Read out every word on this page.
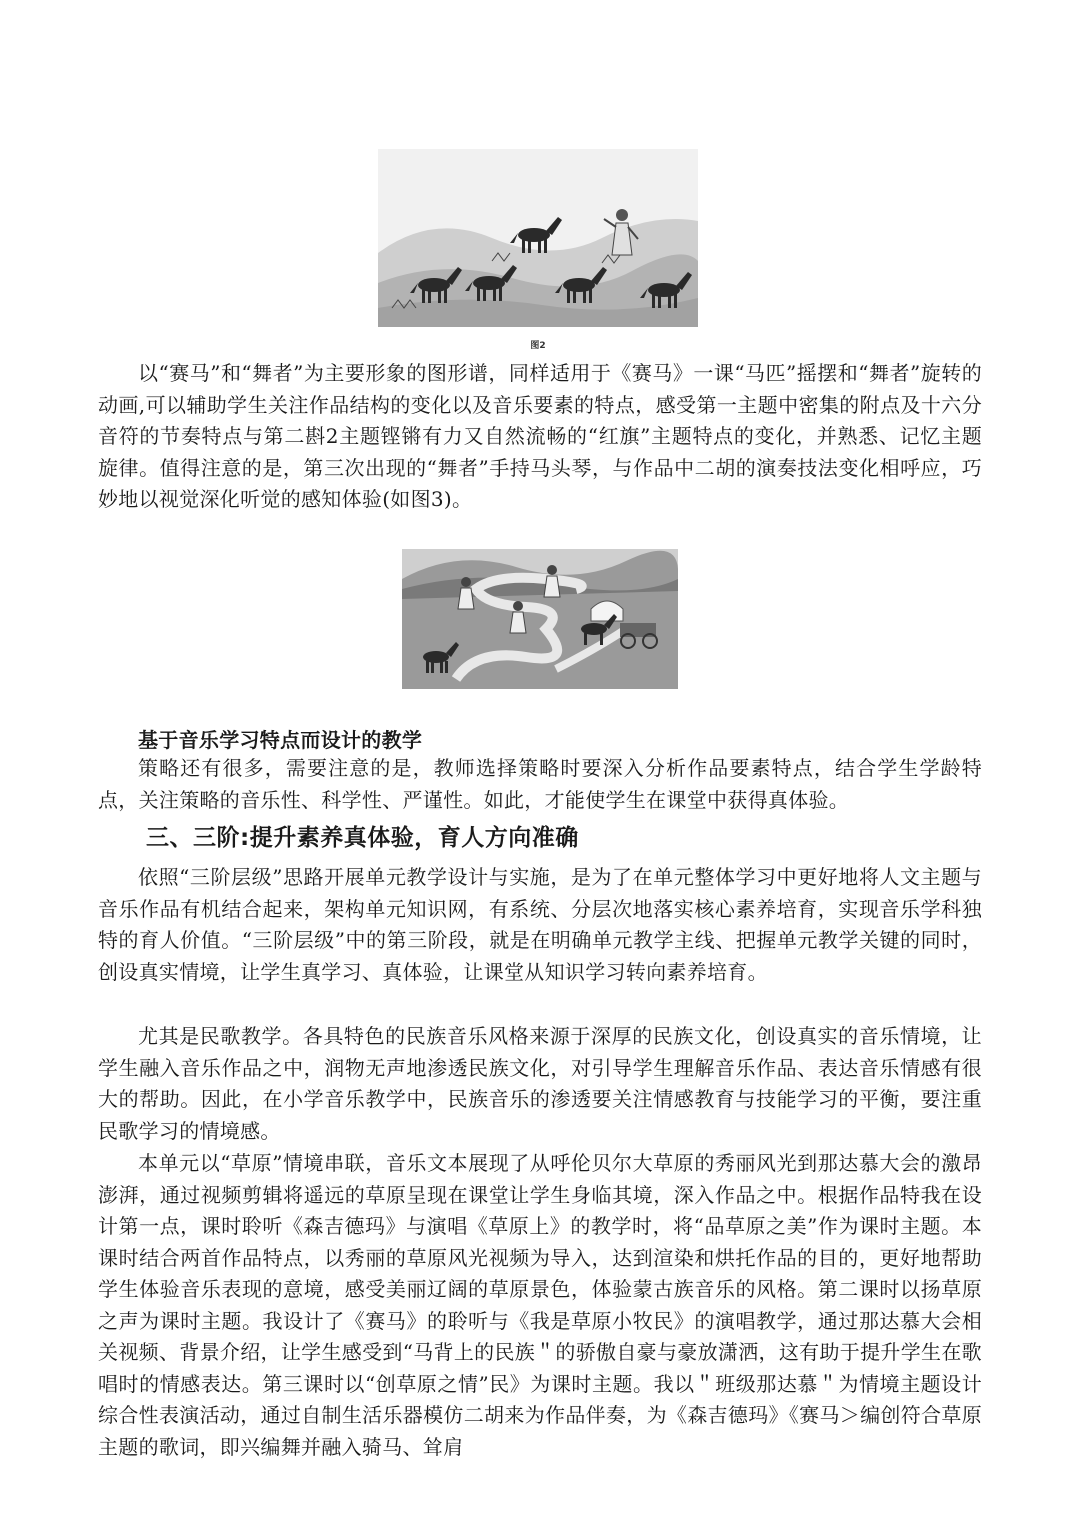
图2

以“赛马”和“舞者”为主要形象的图形谱，同样适用于《赛马》一课“马匹”摇摆和“舞者”旋转的动画,可以辅助学生关注作品结构的变化以及音乐要素的特点，感受第一主题中密集的附点及十六分音符的节奏特点与第二斟2主题铿锵有力又自然流畅的“红旗”主题特点的变化，并熟悉、记忆主题旋律。值得注意的是，第三次出现的“舞者”手持马头琴，与作品中二胡的演奏技法变化相呼应，巧妙地以视觉深化听觉的感知体验(如图3)。

基于音乐学习特点而设计的教学

策略还有很多，需要注意的是，教师选择策略时要深入分析作品要素特点，结合学生学龄特点，关注策略的音乐性、科学性、严谨性。如此，才能使学生在课堂中获得真体验。

三、三阶:提升素养真体验，育人方向准确

依照“三阶层级”思路开展单元教学设计与实施，是为了在单元整体学习中更好地将人文主题与音乐作品有机结合起来，架构单元知识网，有系统、分层次地落实核心素养培育，实现音乐学科独特的育人价值。“三阶层级”中的第三阶段，就是在明确单元教学主线、把握单元教学关键的同时，创设真实情境，让学生真学习、真体验，让课堂从知识学习转向素养培育。

尤其是民歌教学。各具特色的民族音乐风格来源于深厚的民族文化，创设真实的音乐情境，让学生融入音乐作品之中，润物无声地渗透民族文化，对引导学生理解音乐作品、表达音乐情感有很大的帮助。因此，在小学音乐教学中，民族音乐的渗透要关注情感教育与技能学习的平衡，要注重民歌学习的情境感。

本单元以“草原”情境串联，音乐文本展现了从呼伦贝尔大草原的秀丽风光到那达慕大会的激昂澎湃，通过视频剪辑将遥远的草原呈现在课堂让学生身临其境，深入作品之中。根据作品特我在设计第一点，课时聆听《森吉德玛》与演唱《草原上》的教学时，将“品草原之美”作为课时主题。本课时结合两首作品特点，以秀丽的草原风光视频为导入，达到渲染和烘托作品的目的，更好地帮助学生体验音乐表现的意境，感受美丽辽阔的草原景色，体验蒙古族音乐的风格。第二课时以扬草原之声为课时主题。我设计了《赛马》的聆听与《我是草原小牧民》的演唱教学，通过那达慕大会相关视频、背景介绍，让学生感受到“马背上的民族＂的骄傲自豪与豪放潇洒，这有助于提升学生在歌唱时的情感表达。第三课时以“创草原之情”民》为课时主题。我以＂班级那达慕＂为情境主题设计综合性表演活动，通过自制生活乐器模仿二胡来为作品伴奏，为《森吉德玛》《赛马＞编创符合草原主题的歌词，即兴编舞并融入骑马、耸肩
